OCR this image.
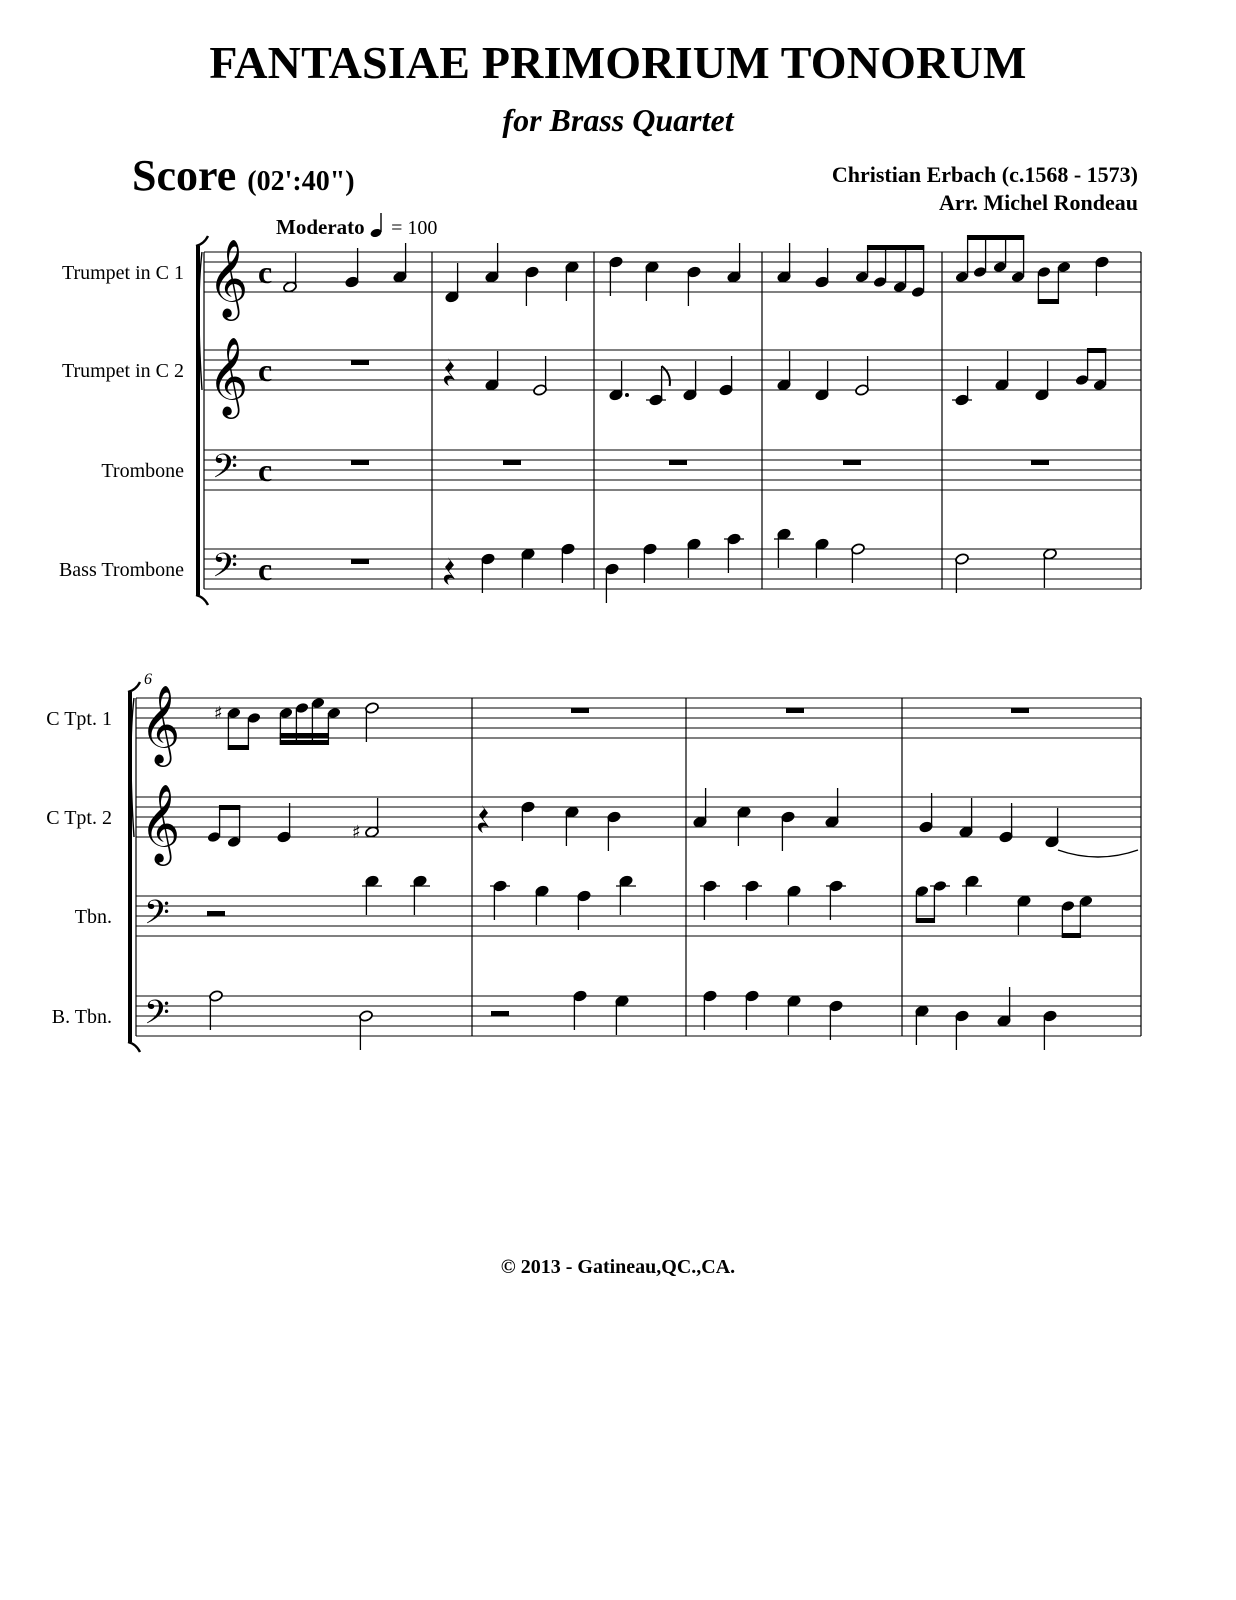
FANTASIAE PRIMORIUM TONORUM
for Brass Quartet
Score (02':40")	Christian Erbach (c.1568 - 1573)
Arr. Michel Rondeau
Moderato = 100
Trumpet in C 1 𝄞 c
Trumpet in C 2 𝄞 c
Trombone 𝄢 c
Bass Trombone 𝄢 c
6
C Tpt. 1 𝄞 ♯
C Tpt. 2 𝄞	♯
Tbn. 𝄢
B. Tbn. 𝄢
© 2013 - Gatineau,QC.,CA.
